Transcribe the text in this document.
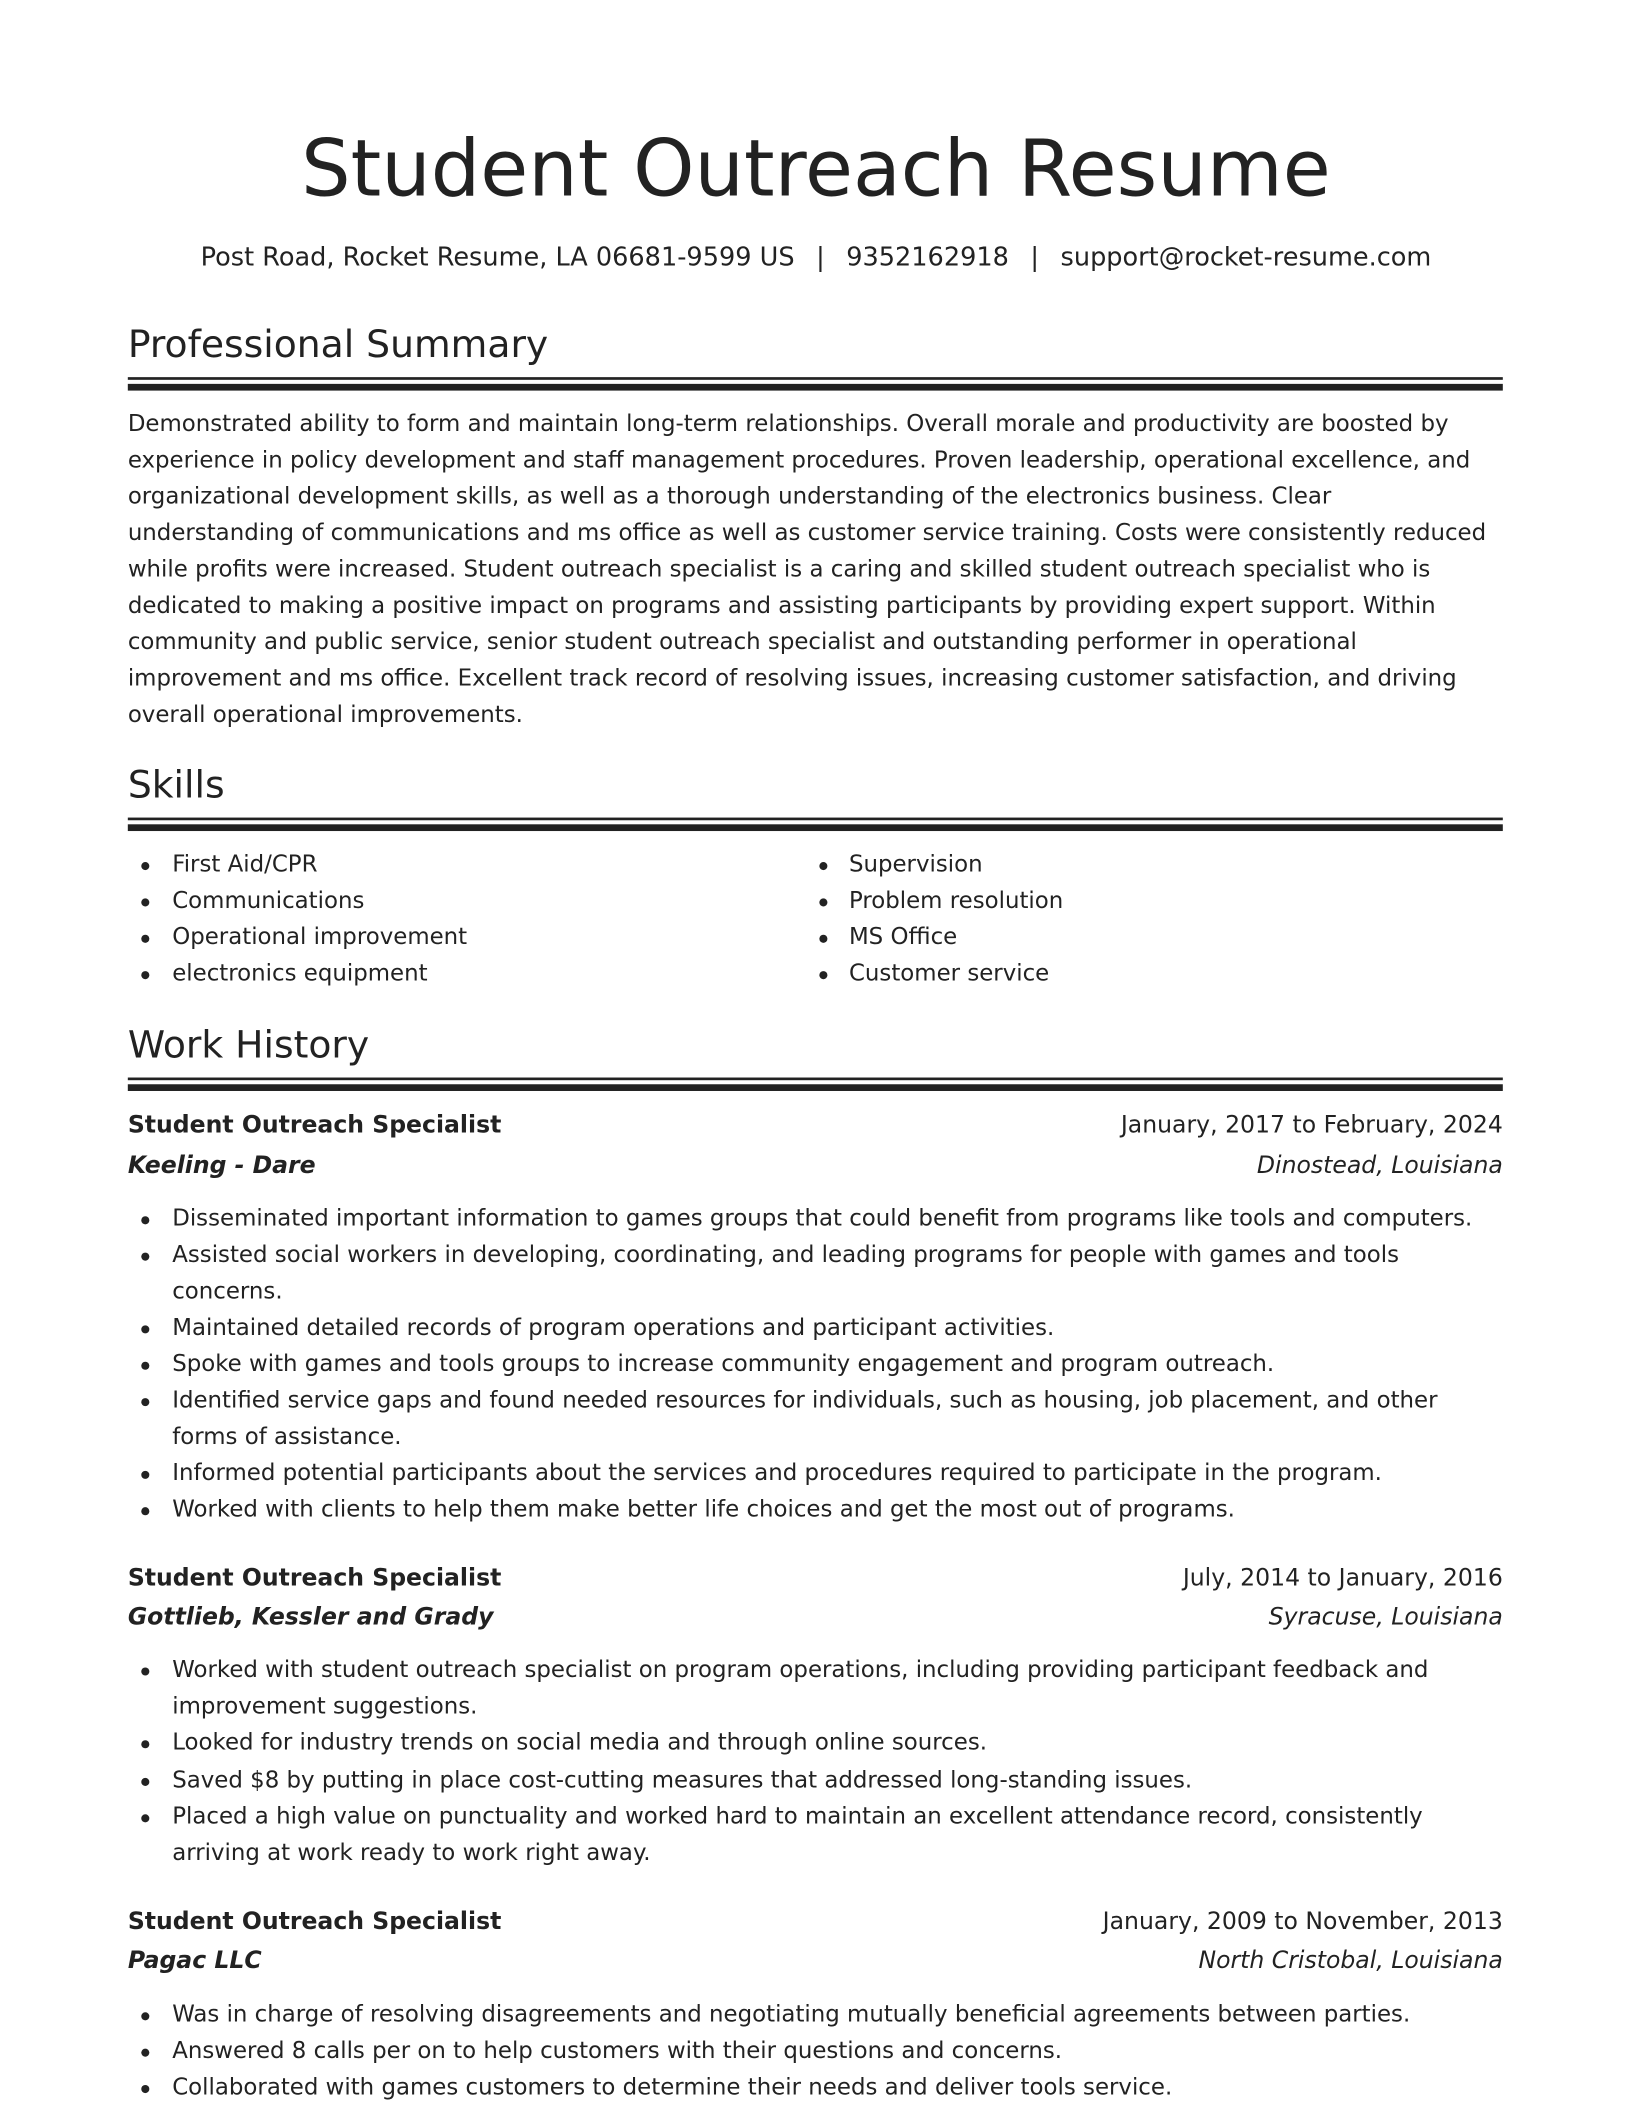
Student Outreach Resume
Post Road, Rocket Resume, LA 06681-9599 US | 9352162918 | support@rocket-resume.com
Professional Summary
Demonstrated ability to form and maintain long-term relationships. Overall morale and productivity are boosted by experience in policy development and staff management procedures. Proven leadership, operational excellence, and organizational development skills, as well as a thorough understanding of the electronics business. Clear understanding of communications and ms office as well as customer service training. Costs were consistently reduced while profits were increased. Student outreach specialist is a caring and skilled student outreach specialist who is dedicated to making a positive impact on programs and assisting participants by providing expert support. Within community and public service, senior student outreach specialist and outstanding performer in operational improvement and ms office. Excellent track record of resolving issues, increasing customer satisfaction, and driving overall operational improvements.
Skills
First Aid/CPR
Communications
Operational improvement
electronics equipment
Supervision
Problem resolution
MS Office
Customer service
Work History
Student Outreach Specialist	January, 2017 to February, 2024
Keeling - Dare	Dinostead, Louisiana
Disseminated important information to games groups that could benefit from programs like tools and computers.
Assisted social workers in developing, coordinating, and leading programs for people with games and tools
concerns.
Maintained detailed records of program operations and participant activities.
Spoke with games and tools groups to increase community engagement and program outreach.
Identified service gaps and found needed resources for individuals, such as housing, job placement, and other
forms of assistance.
Informed potential participants about the services and procedures required to participate in the program.
Worked with clients to help them make better life choices and get the most out of programs.
Student Outreach Specialist	July, 2014 to January, 2016
Gottlieb, Kessler and Grady	Syracuse, Louisiana
Worked with student outreach specialist on program operations, including providing participant feedback and
improvement suggestions.
Looked for industry trends on social media and through online sources.
Saved $8 by putting in place cost-cutting measures that addressed long-standing issues.
Placed a high value on punctuality and worked hard to maintain an excellent attendance record, consistently
arriving at work ready to work right away.
Student Outreach Specialist	January, 2009 to November, 2013
Pagac LLC	North Cristobal, Louisiana
Was in charge of resolving disagreements and negotiating mutually beneficial agreements between parties.
Answered 8 calls per on to help customers with their questions and concerns.
Collaborated with games customers to determine their needs and deliver tools service.
